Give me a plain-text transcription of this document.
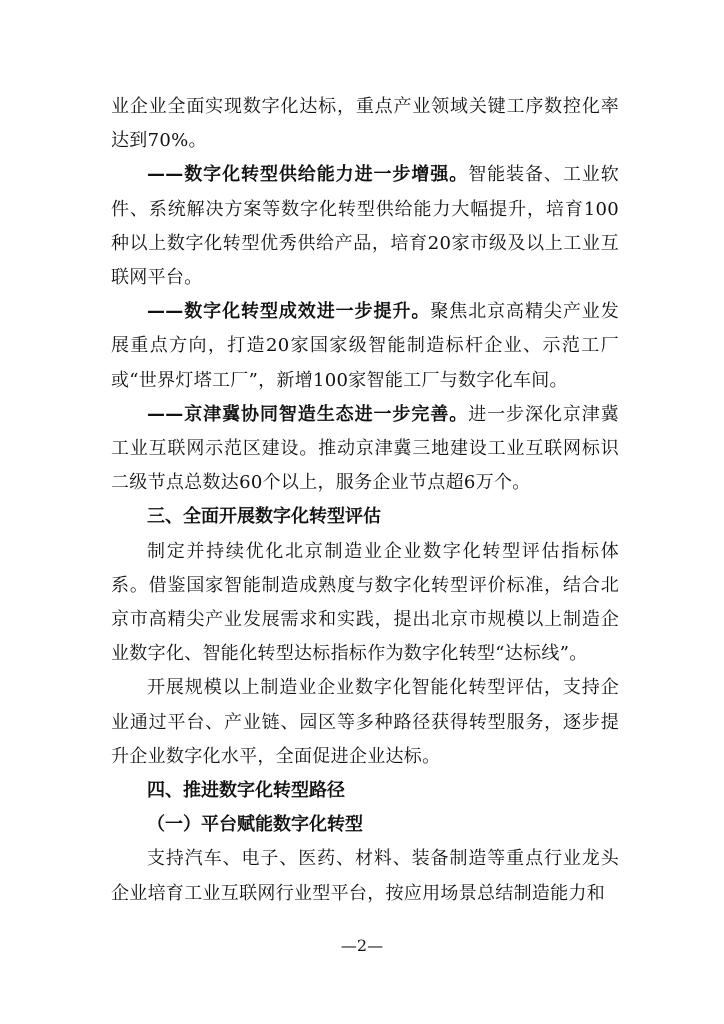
业企业全面实现数字化达标，重点产业领域关键工序数控化率达到70%。

——数字化转型供给能力进一步增强。智能装备、工业软件、系统解决方案等数字化转型供给能力大幅提升，培育100种以上数字化转型优秀供给产品，培育20家市级及以上工业互联网平台。

——数字化转型成效进一步提升。聚焦北京高精尖产业发展重点方向，打造20家国家级智能制造标杆企业、示范工厂或“世界灯塔工厂”，新增100家智能工厂与数字化车间。

——京津冀协同智造生态进一步完善。进一步深化京津冀工业互联网示范区建设。推动京津冀三地建设工业互联网标识二级节点总数达60个以上，服务企业节点超6万个。

三、全面开展数字化转型评估

制定并持续优化北京制造业企业数字化转型评估指标体系。借鉴国家智能制造成熟度与数字化转型评价标准，结合北京市高精尖产业发展需求和实践，提出北京市规模以上制造企业数字化、智能化转型达标指标作为数字化转型“达标线”。

开展规模以上制造业企业数字化智能化转型评估，支持企业通过平台、产业链、园区等多种路径获得转型服务，逐步提升企业数字化水平，全面促进企业达标。

四、推进数字化转型路径

（一）平台赋能数字化转型

支持汽车、电子、医药、材料、装备制造等重点行业龙头企业培育工业互联网行业型平台，按应用场景总结制造能力和

—2—
